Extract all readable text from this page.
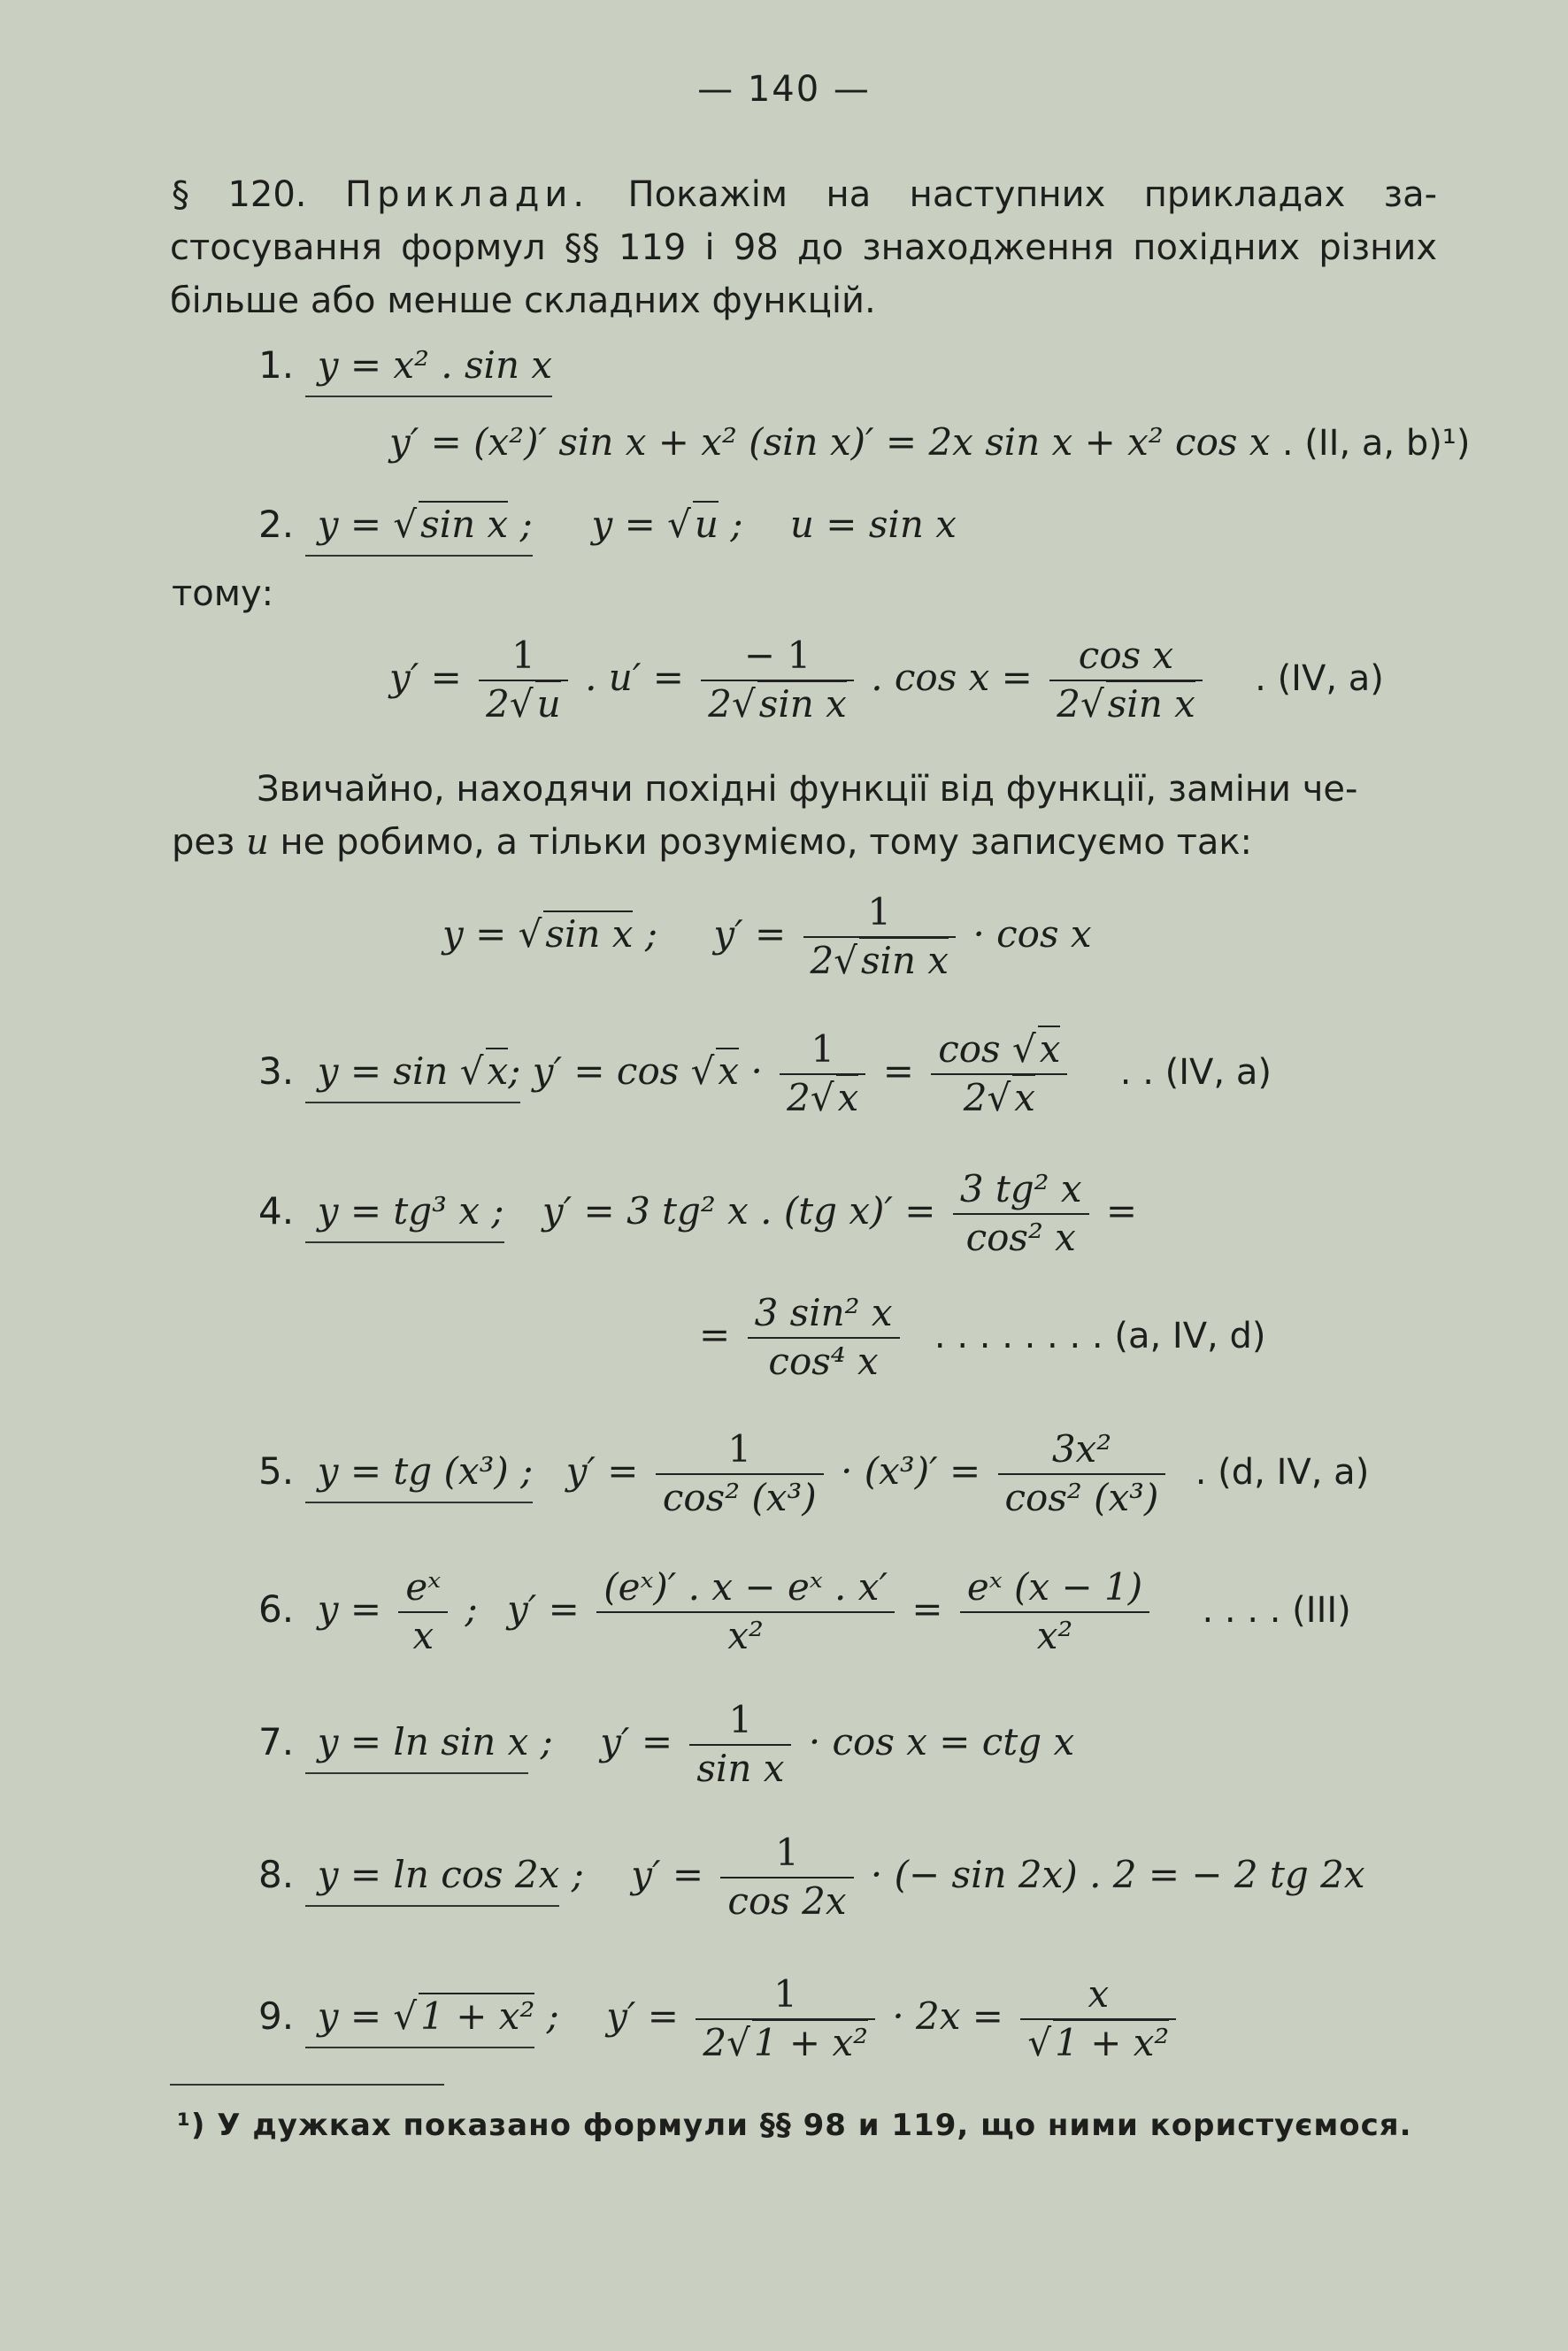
— 140 —
§ 120. Приклади. Покажім на наступних прикладах за-
стосування формул §§ 119 і 98 до знаходження похідних різних
більше або менше складних функцій.
1.  y = x² . sin x
y′ = (x²)′ sin x + x² (sin x)′ = 2x sin x + x² cos x . (II, a, b)¹)
2.  y = √sin x ;     y = √u ;    u = sin x
тому:
$y' = \frac{1}{2√u}$ . $u' = \frac{- 1}{\text{2√sin x}}$ . $\cos x = \frac{\text{cos x}}{\text{2√sin x}}$ . (IV, a)
Звичайно, находячи похідні функції від функції, заміни че-
рез u не робимо, а тільки розуміємо, тому записуємо так:
y = √sin x ; $y' = \frac{1}{\text{2√sin x}} \cdot \cos x$
3.  y = sin √x; $y' = \cos √x \cdot \frac{1}{2√x} = \frac{\cos √x}{2√x}$ . . (IV, a)
4.  y = tg³ x ; y′ = 3 tg² x . (tg $x)' = \frac{\text{3 tg² x}}{\text{cos² x}}$ =
= $\frac{\text{3 sin² x}}{\text{cos⁴ x}}$ . . . . . . . . (a, IV, d)
5.  y = tg (x³) ; $y' = \frac{1}{\text{cos² (x³)}} \cdot (x^3)' = \frac{\text{3x²}}{\text{cos² (x³)}}$ . (d, IV, a)
6.  $y = \frac{\text{eˣ}}{x}$ ; $y' = \frac{\text{(eˣ)′ . x − eˣ . x′}}{\text{x²}} = \frac{\text{eˣ (x − 1)}}{\text{x²}}$ . . . . (III)
7.  y = ln sin x ; $y' = \frac{1}{\text{sin x}} \cdot \cos x$ = ctg x
8.  y = ln cos 2x ; $y' = \frac{1}{\cos 2x}$ · (− sin 2x) . 2 = − 2 tg 2x
9.  y = √1 + x² ; $y' = \frac{1}{\text{2√1 + x²}} \cdot 2x = \frac{x}{\text{√1 + x²}}$
¹) У дужках показано формули §§ 98 и 119, що ними користуємося.
